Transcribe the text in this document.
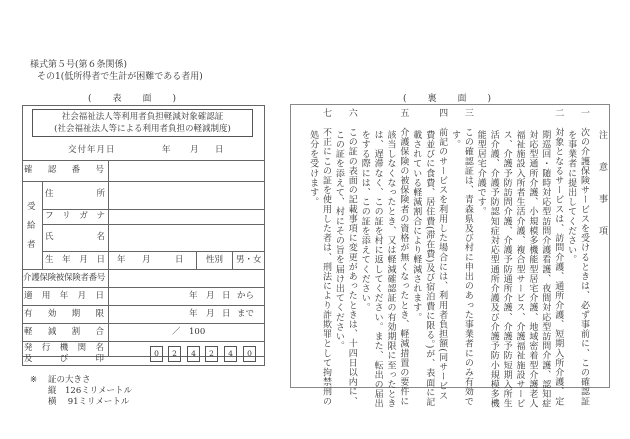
様式第５号(第６条関係)
その1(低所得者で生計が困難である者用)
(　表　面　)	(　裏　面　)
社会福祉法人等利用者負担軽減対象確認証
(社会福祉法人等による利用者負担の軽減制度)
交付年月日	年 月 日
確 認 番 号
受
給
者
住	所
フ リ ガ ナ
氏	名
生 年 月 日 年 月	日	性別 男・女
介護保険被保険者番号
適 用 年 月 日	年 月 日 から
有 効 期 限	年 月 日 まで
軽 減 割 合	／　100
発 行 機 関 名
及	び	印
0	2	4	2	4	0
※ 証の大きさ
縦　126ミリメートル
横　 91ミリメートル
注　意　事　項
一次の介護保険サービスを受けるときは、必ず事前に、この確認証
を事業者に提出してください。
二対象となるサービスは、訪問介護、通所介護、短期入所介護、定
期巡回・随時対応型訪問介護看護、夜間対応型訪問介護、認知症
対応型通所介護、小規模多機能型居宅介護、地域密着型介護老人
福祉施設入所者生活介護、複合型サービス、介護福祉施設サービ
ス、介護予防訪問介護、介護予防通所介護、介護予防短期入所生
活介護、介護予防認知症対応型通所介護及び介護予防小規模多機
能型居宅介護です。
三この確認証は、青森県及び村に申出のあった事業者にのみ有効で
す。
四前記のサービスを利用した場合には、利用者負担額(同サービス
費並びに食費、居住費(滞在費)及び宿泊費に限る。)が、表面に記
載されている軽減割合により軽減されます。
五介護保険の被保険者の資格が無くなったとき、軽減措置の要件に
該当しなくなったとき、又は軽減確認証の有効期限に至ったとき
は、遅滞なく、この証を村に返してください。また、転出の届出
をする際には、この証を添えてください。
六この証の表面の記載事項に変更があったときは、十四日以内に、
この証を添えて、村にその旨を届け出てください。
七不正にこの証を使用した者は、刑法により詐欺罪として拘禁刑の
処分を受けます。
